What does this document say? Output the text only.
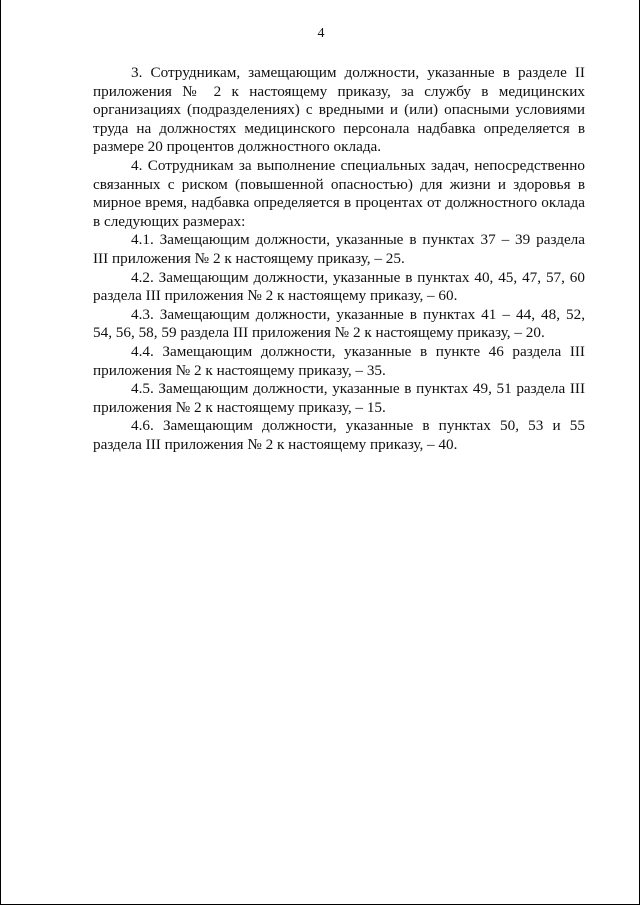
4

3. Сотрудникам, замещающим должности, указанные в разделе II приложения № 2 к настоящему приказу, за службу в медицинских организациях (подразделениях) с вредными и (или) опасными условиями труда на должностях медицинского персонала надбавка определяется в размере 20 процентов должностного оклада.

4. Сотрудникам за выполнение специальных задач, непосредственно связанных с риском (повышенной опасностью) для жизни и здоровья в мирное время, надбавка определяется в процентах от должностного оклада в следующих размерах:

4.1. Замещающим должности, указанные в пунктах 37 – 39 раздела III приложения № 2 к настоящему приказу, – 25.

4.2. Замещающим должности, указанные в пунктах 40, 45, 47, 57, 60 раздела III приложения № 2 к настоящему приказу, – 60.

4.3. Замещающим должности, указанные в пунктах 41 – 44, 48, 52, 54, 56, 58, 59 раздела III приложения № 2 к настоящему приказу, – 20.

4.4. Замещающим должности, указанные в пункте 46 раздела III приложения № 2 к настоящему приказу, – 35.

4.5. Замещающим должности, указанные в пунктах 49, 51 раздела III приложения № 2 к настоящему приказу, – 15.

4.6. Замещающим должности, указанные в пунктах 50, 53 и 55 раздела III приложения № 2 к настоящему приказу, – 40.
